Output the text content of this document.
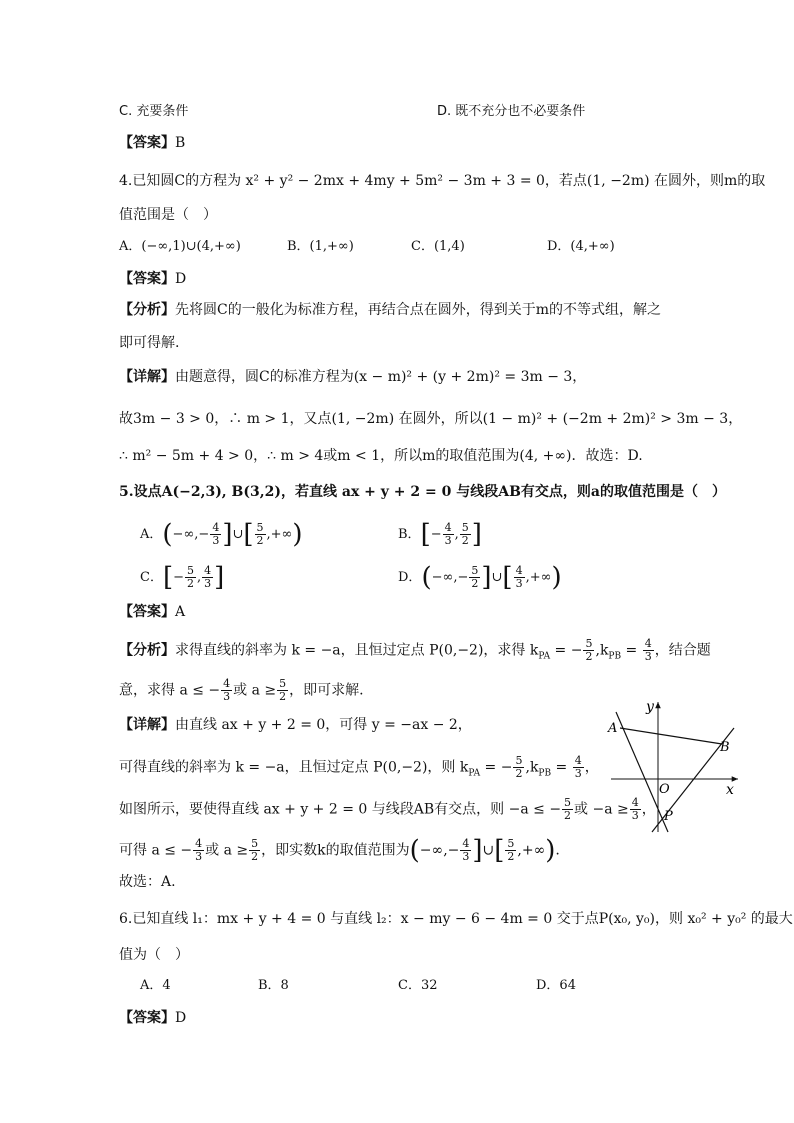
C. 充要条件	D. 既不充分也不必要条件
【答案】B
4.已知圆C的方程为 x² + y² − 2mx + 4my + 5m² − 3m + 3 = 0，若点(1, −2m) 在圆外，则m的取
值范围是（　）
A．(−∞,1)∪(4,+∞)	B．(1,+∞)	C．(1,4)	D．(4,+∞)
【答案】D
【分析】先将圆C的一般化为标准方程，再结合点在圆外，得到关于m的不等式组，解之
即可得解.
【详解】由题意得，圆C的标准方程为(x − m)² + (y + 2m)² = 3m − 3，
故3m − 3 > 0，∴ m > 1，又点(1, −2m) 在圆外，所以(1 − m)² + (−2m + 2m)² > 3m − 3，
∴ m² − 5m + 4 > 0，∴ m > 4或m < 1，所以m的取值范围为(4, +∞)．故选：D.
5.设点A(−2,3), B(3,2)，若直线 ax + y + 2 = 0 与线段AB有交点，则a的取值范围是（　）
A．(−∞,− $\frac{4}{3}$ ]∪[ $\frac{5}{2}$ ,+∞)	B．[− $\frac{4}{3}$ , $\frac{5}{2}$ ]
C．[− $\frac{5}{2}$ , $\frac{4}{3}$ ]	D．(−∞,− $\frac{5}{2}$ ]∪[ $\frac{4}{3}$ ,+∞)
【答案】A
【分析】求得直线的斜率为 k = −a，且恒过定点 P(0,−2)，求得 $k_{PA}$ = − $\frac{5}{2} ,k_{PB} = \frac{4}{3}$ ，结合题
意，求得 a ≤ − $\frac{4}{3}$ 或 $a \ge \frac{5}{2}$ ，即可求解.
【详解】由直线 ax + y + 2 = 0，可得 y = −ax − 2，
可得直线的斜率为 k = −a，且恒过定点 P(0,−2)，则 $k_{PA}$ = − $\frac{5}{2} ,k_{PB} = \frac{4}{3}$ ，
如图所示，要使得直线 ax + y + 2 = 0 与线段AB有交点，则 −a ≤ − $\frac{5}{2}$ 或 $-a \ge \frac{4}{3}$ ，
可得 a ≤ − $\frac{4}{3}$ 或 $a \ge \frac{5}{2}$ ，即实数k的取值范围为(−∞,− $\frac{4}{3}$ ]∪[ $\frac{5}{2}$ ,+∞).
故选：A.
y
x
A
B
O
P
6.已知直线 l₁：mx + y + 4 = 0 与直线 l₂：x − my − 6 − 4m = 0 交于点P(x₀, y₀)，则 x₀² + y₀² 的最大
值为（　）
A．4	B．8	C．32	D．64
【答案】D
